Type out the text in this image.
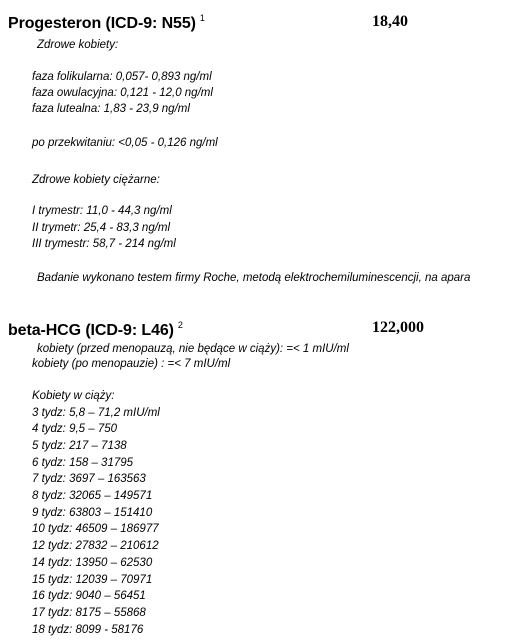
Progesteron (ICD-9: N55) $^1$	18,40
Zdrowe kobiety:
faza folikularna: 0,057- 0,893 ng/ml
faza owulacyjna: 0,121 - 12,0 ng/ml
faza lutealna: 1,83 - 23,9 ng/ml
po przekwitaniu: <0,05 - 0,126 ng/ml
Zdrowe kobiety ciężarne:
I trymestr: 11,0 - 44,3 ng/ml
II trymetr: 25,4 - 83,3 ng/ml
III trymestr: 58,7 - 214 ng/ml
Badanie wykonano testem firmy Roche, metodą elektrochemiluminescencji, na apara
beta-HCG (ICD-9: L46) $^2$	122,000
kobiety (przed menopauzą, nie będące w ciąży): =< 1 mIU/ml
kobiety (po menopauzie) : =< 7 mIU/ml
Kobiety w ciąży:
3 tydz: 5,8 – 71,2 mIU/ml
4 tydz: 9,5 – 750
5 tydz: 217 – 7138
6 tydz: 158 – 31795
7 tydz: 3697 – 163563
8 tydz: 32065 – 149571
9 tydz: 63803 – 151410
10 tydz: 46509 – 186977
12 tydz: 27832 – 210612
14 tydz: 13950 – 62530
15 tydz: 12039 – 70971
16 tydz: 9040 – 56451
17 tydz: 8175 – 55868
18 tydz: 8099 - 58176
